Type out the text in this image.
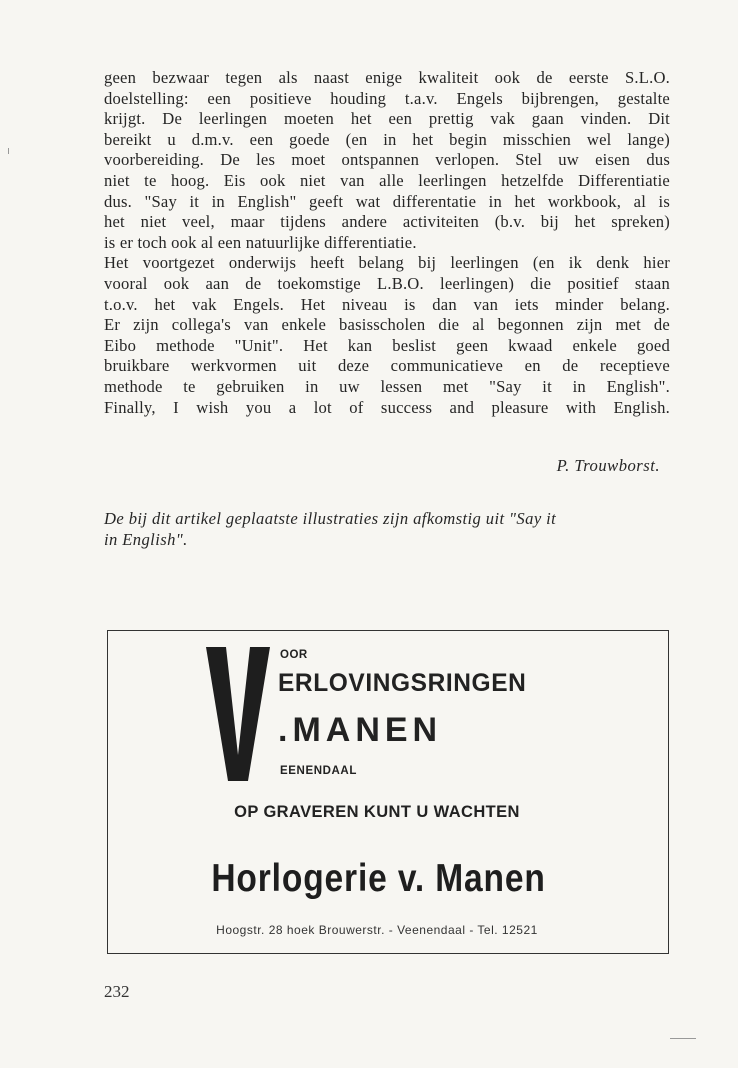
geen bezwaar tegen als naast enige kwaliteit ook de eerste S.L.O.
doelstelling: een positieve houding t.a.v. Engels bijbrengen, gestalte
krijgt. De leerlingen moeten het een prettig vak gaan vinden. Dit
bereikt u d.m.v. een goede (en in het begin misschien wel lange)
voorbereiding. De les moet ontspannen verlopen. Stel uw eisen dus
niet te hoog. Eis ook niet van alle leerlingen hetzelfde Differentiatie
dus. "Say it in English" geeft wat differentatie in het workbook, al is
het niet veel, maar tijdens andere activiteiten (b.v. bij het spreken)
is er toch ook al een natuurlijke differentiatie.
Het voortgezet onderwijs heeft belang bij leerlingen (en ik denk hier
vooral ook aan de toekomstige L.B.O. leerlingen) die positief staan
t.o.v. het vak Engels. Het niveau is dan van iets minder belang.
Er zijn collega's van enkele basisscholen die al begonnen zijn met de
Eibo methode "Unit". Het kan beslist geen kwaad enkele goed
bruikbare werkvormen uit deze communicatieve en de receptieve
methode te gebruiken in uw lessen met "Say it in English".
Finally, I wish you a lot of success and pleasure with English.
P. Trouwborst.
De bij dit artikel geplaatste illustraties zijn afkomstig uit "Say it
in English".
OOR
ERLOVINGSRINGEN
.MANEN
EENENDAAL
OP GRAVEREN KUNT U WACHTEN
Horlogerie v. Manen
Hoogstr. 28 hoek Brouwerstr. - Veenendaal - Tel. 12521
232
